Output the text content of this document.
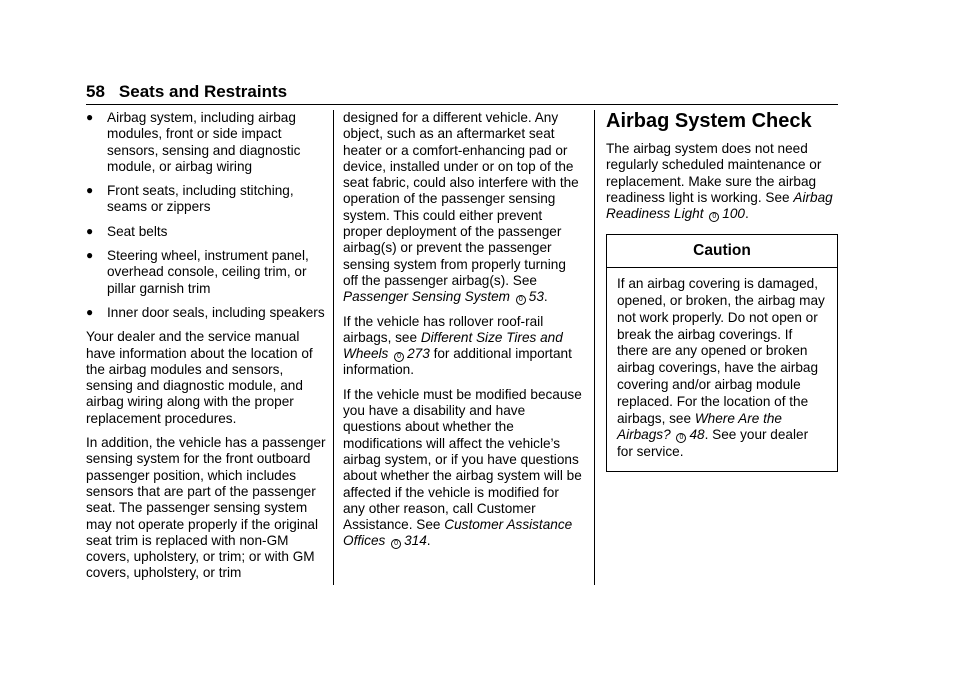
58 Seats and Restraints
● Airbag system, including airbag modules, front or side impact sensors, sensing and diagnostic module, or airbag wiring
● Front seats, including stitching, seams or zippers
● Seat belts
● Steering wheel, instrument panel, overhead console, ceiling trim, or pillar garnish trim
● Inner door seals, including speakers

Your dealer and the service manual have information about the location of the airbag modules and sensors, sensing and diagnostic module, and airbag wiring along with the proper replacement procedures.

In addition, the vehicle has a passenger sensing system for the front outboard passenger position, which includes sensors that are part of the passenger seat. The passenger sensing system may not operate properly if the original seat trim is replaced with non-GM covers, upholstery, or trim; or with GM covers, upholstery, or trim

designed for a different vehicle. Any object, such as an aftermarket seat heater or a comfort-enhancing pad or device, installed under or on top of the seat fabric, could also interfere with the operation of the passenger sensing system. This could either prevent proper deployment of the passenger airbag(s) or prevent the passenger sensing system from properly turning off the passenger airbag(s). See Passenger Sensing System 0 53.

If the vehicle has rollover roof-rail airbags, see Different Size Tires and Wheels 0 273 for additional important information.

If the vehicle must be modified because you have a disability and have questions about whether the modifications will affect the vehicle’s airbag system, or if you have questions about whether the airbag system will be affected if the vehicle is modified for any other reason, call Customer Assistance. See Customer Assistance Offices 0 314.

Airbag System Check

The airbag system does not need regularly scheduled maintenance or replacement. Make sure the airbag readiness light is working. See Airbag Readiness Light 0 100.

Caution
If an airbag covering is damaged, opened, or broken, the airbag may not work properly. Do not open or break the airbag coverings. If there are any opened or broken airbag coverings, have the airbag covering and/or airbag module replaced. For the location of the airbags, see Where Are the Airbags? 0 48. See your dealer for service.
